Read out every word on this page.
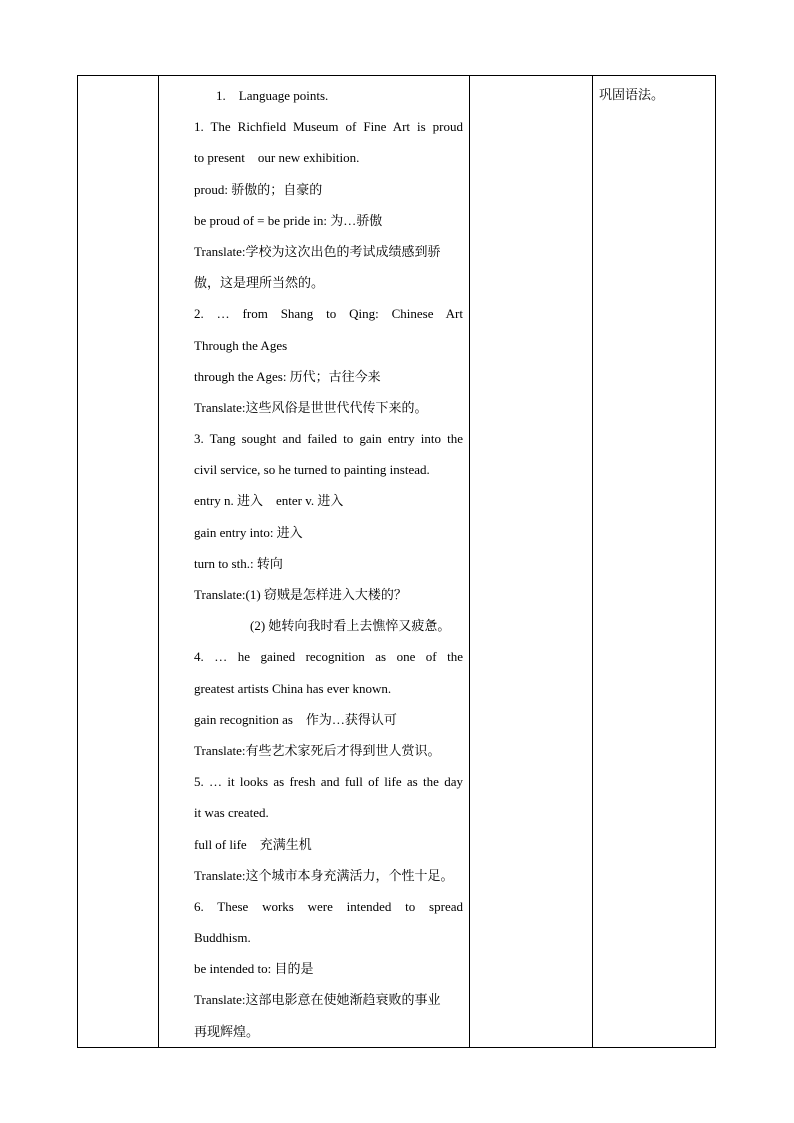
1. Language points.
1. The Richfield Museum of Fine Art is proud
to present our new exhibition.
proud: 骄傲的；自豪的
be proud of = be pride in: 为…骄傲
Translate:学校为这次出色的考试成绩感到骄
傲，这是理所当然的。
2. … from Shang to Qing: Chinese Art
Through the Ages
through the Ages: 历代；古往今来
Translate:这些风俗是世世代代传下来的。
3. Tang sought and failed to gain entry into the
civil service, so he turned to painting instead.
entry n. 进入 enter v. 进入
gain entry into: 进入
turn to sth.: 转向
Translate:(1) 窃贼是怎样进入大楼的？
(2) 她转向我时看上去憔悴又疲惫。
4. … he gained recognition as one of the
greatest artists China has ever known.
gain recognition as 作为…获得认可
Translate:有些艺术家死后才得到世人赏识。
5. … it looks as fresh and full of life as the day
it was created.
full of life 充满生机
Translate:这个城市本身充满活力，个性十足。
6. These works were intended to spread
Buddhism.
be intended to: 目的是
Translate:这部电影意在使她渐趋衰败的事业
再现辉煌。

巩固语法。
